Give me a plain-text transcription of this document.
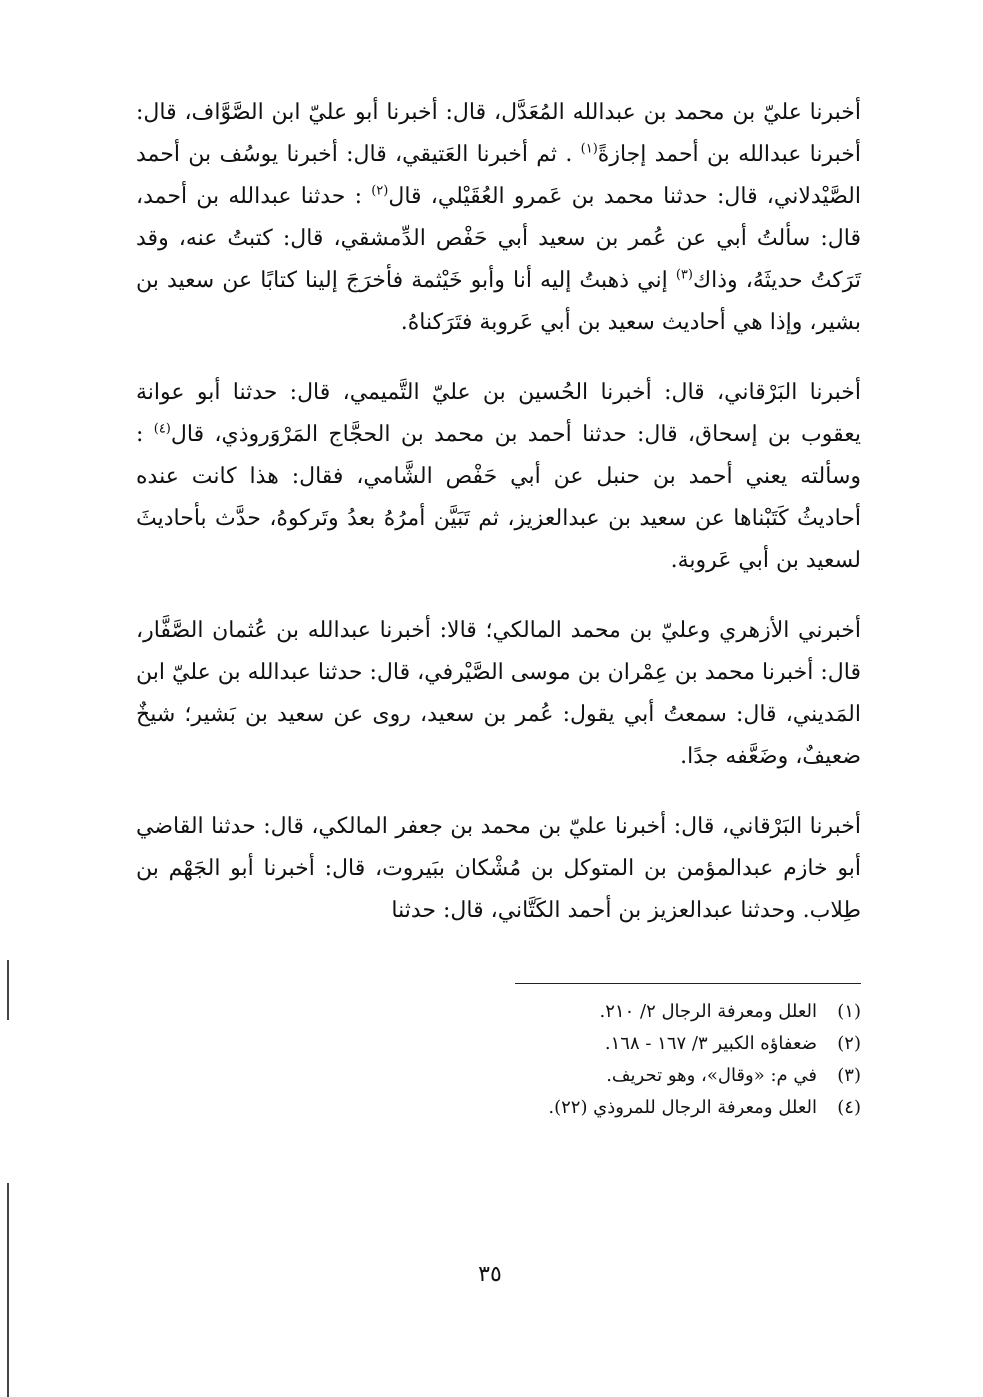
أخبرنا عليّ بن محمد بن عبدالله المُعَدَّل، قال: أخبرنا أبو عليّ ابن الصَّوَّاف، قال: أخبرنا عبدالله بن أحمد إجازةً$^{(١)}$ . ثم أخبرنا العَتيقي، قال: أخبرنا يوسُف بن أحمد الصَّيْدلاني، قال: حدثنا محمد بن عَمرو العُقَيْلي، قال$^{(٢)}$ : حدثنا عبدالله بن أحمد، قال: سألتُ أبي عن عُمر بن سعيد أبي حَفْص الدِّمشقي، قال: كتبتُ عنه، وقد تَرَكتُ حديثَهُ، وذاك$^{(٣)}$ إني ذهبتُ إليه أنا وأبو خَيْثمة فأخرَجَ إلينا كتابًا عن سعيد بن بشير، وإذا هي أحاديث سعيد بن أبي عَروبة فتَرَكناهُ.

أخبرنا البَرْقاني، قال: أخبرنا الحُسين بن عليّ التَّميمي، قال: حدثنا أبو عوانة يعقوب بن إسحاق، قال: حدثنا أحمد بن محمد بن الحجَّاج المَرْوَروذي، قال$^{(٤)}$ : وسألته يعني أحمد بن حنبل عن أبي حَفْص الشَّامي، فقال: هذا كانت عنده أحاديثُ كَتَبْناها عن سعيد بن عبدالعزيز، ثم تَبَيَّن أمرُهُ بعدُ وتَركوهُ، حدَّث بأحاديثَ لسعيد بن أبي عَروبة.

أخبرني الأزهري وعليّ بن محمد المالكي؛ قالا: أخبرنا عبدالله بن عُثمان الصَّفَّار، قال: أخبرنا محمد بن عِمْران بن موسى الصَّيْرفي، قال: حدثنا عبدالله بن عليّ ابن المَديني، قال: سمعتُ أبي يقول: عُمر بن سعيد، روى عن سعيد بن بَشير؛ شيخٌ ضعيفٌ، وضَعَّفه جدًا.

أخبرنا البَرْقاني، قال: أخبرنا عليّ بن محمد بن جعفر المالكي، قال: حدثنا القاضي أبو خازم عبدالمؤمن بن المتوكل بن مُشْكان ببَيروت، قال: أخبرنا أبو الجَهْم بن طِلاب. وحدثنا عبدالعزيز بن أحمد الكَتَّاني، قال: حدثنا

(١)العلل ومعرفة الرجال ٢/ ٢١٠.

(٢)ضعفاؤه الكبير ٣/ ١٦٧ - ١٦٨.

(٣)في م: «وقال»، وهو تحريف.

(٤)العلل ومعرفة الرجال للمروذي (٢٢).

٣٥
